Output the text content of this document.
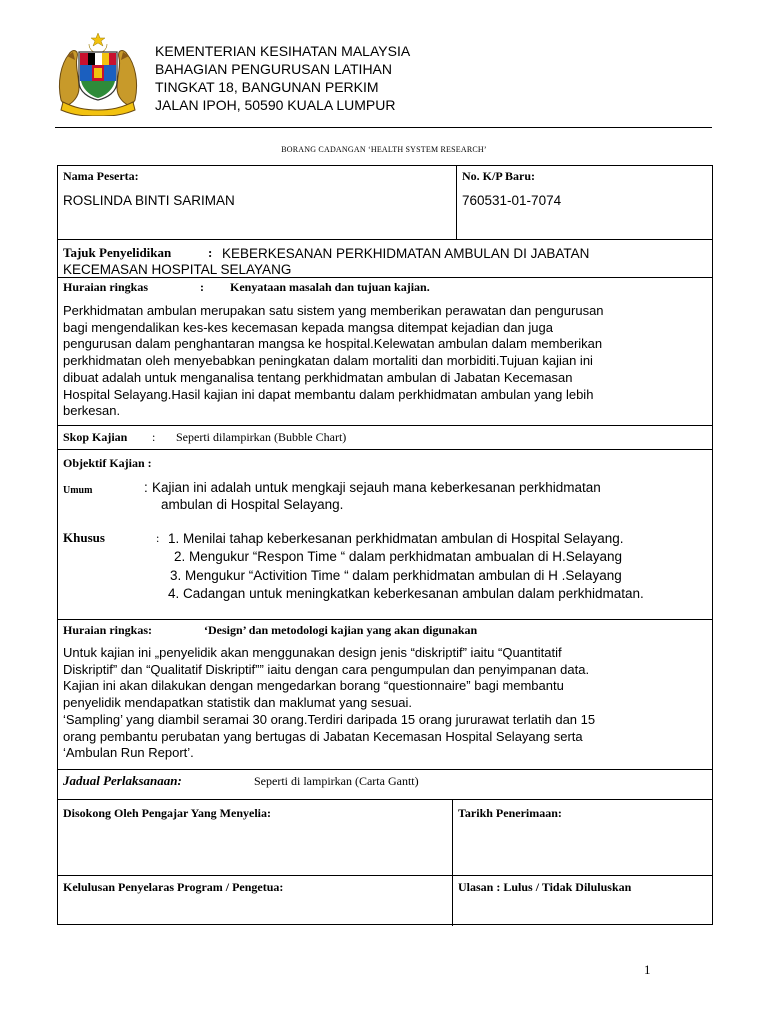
KEMENTERIAN KESIHATAN MALAYSIA
BAHAGIAN PENGURUSAN LATIHAN
TINGKAT 18, BANGUNAN PERKIM
JALAN IPOH, 50590 KUALA LUMPUR
BORANG CADANGAN ‘HEALTH SYSTEM RESEARCH’
Nama Peserta:
ROSLINDA BINTI SARIMAN
No. K/P Baru:
760531-01-7074
Tajuk Penyelidikan	: KEBERKESANAN PERKHIDMATAN AMBULAN DI JABATAN
KECEMASAN HOSPITAL SELAYANG
Huraian ringkas	: Kenyataan masalah dan tujuan kajian.
Perkhidmatan ambulan merupakan satu sistem yang memberikan perawatan dan pengurusan
bagi mengendalikan kes-kes kecemasan kepada mangsa ditempat kejadian dan juga
pengurusan dalam penghantaran mangsa ke hospital.Kelewatan ambulan dalam memberikan
perkhidmatan oleh menyebabkan peningkatan dalam mortaliti dan morbiditi.Tujuan kajian ini
dibuat adalah untuk menganalisa tentang perkhidmatan ambulan di Jabatan Kecemasan
Hospital Selayang.Hasil kajian ini dapat membantu dalam perkhidmatan ambulan yang lebih
berkesan.
Skop Kajian : Seperti dilampirkan (Bubble Chart)
Objektif Kajian :
Umum	: Kajian ini adalah untuk mengkaji sejauh mana keberkesanan perkhidmatan
ambulan di Hospital Selayang.
Khusus	: 1. Menilai tahap keberkesanan perkhidmatan ambulan di Hospital Selayang.
2. Mengukur “Respon Time “ dalam perkhidmatan ambualan di H.Selayang
3. Mengukur “Activition Time “ dalam perkhidmatan ambulan di H .Selayang
4. Cadangan untuk meningkatkan keberkesanan ambulan dalam perkhidmatan.
Huraian ringkas:	‘Design’ dan metodologi kajian yang akan digunakan
Untuk kajian ini „penyelidik akan menggunakan design jenis “diskriptif” iaitu “Quantitatif
Diskriptif” dan “Qualitatif Diskriptif”” iaitu dengan cara pengumpulan dan penyimpanan data.
Kajian ini akan dilakukan dengan mengedarkan borang “questionnaire” bagi membantu
penyelidik mendapatkan statistik dan maklumat yang sesuai.
‘Sampling’ yang diambil seramai 30 orang.Terdiri daripada 15 orang jururawat terlatih dan 15
orang pembantu perubatan yang bertugas di Jabatan Kecemasan Hospital Selayang serta
‘Ambulan Run Report’.
Jadual Perlaksanaan:	Seperti di lampirkan (Carta Gantt)
Disokong Oleh Pengajar Yang Menyelia:	Tarikh Penerimaan:
Kelulusan Penyelaras Program / Pengetua:	Ulasan : Lulus / Tidak Diluluskan
1
